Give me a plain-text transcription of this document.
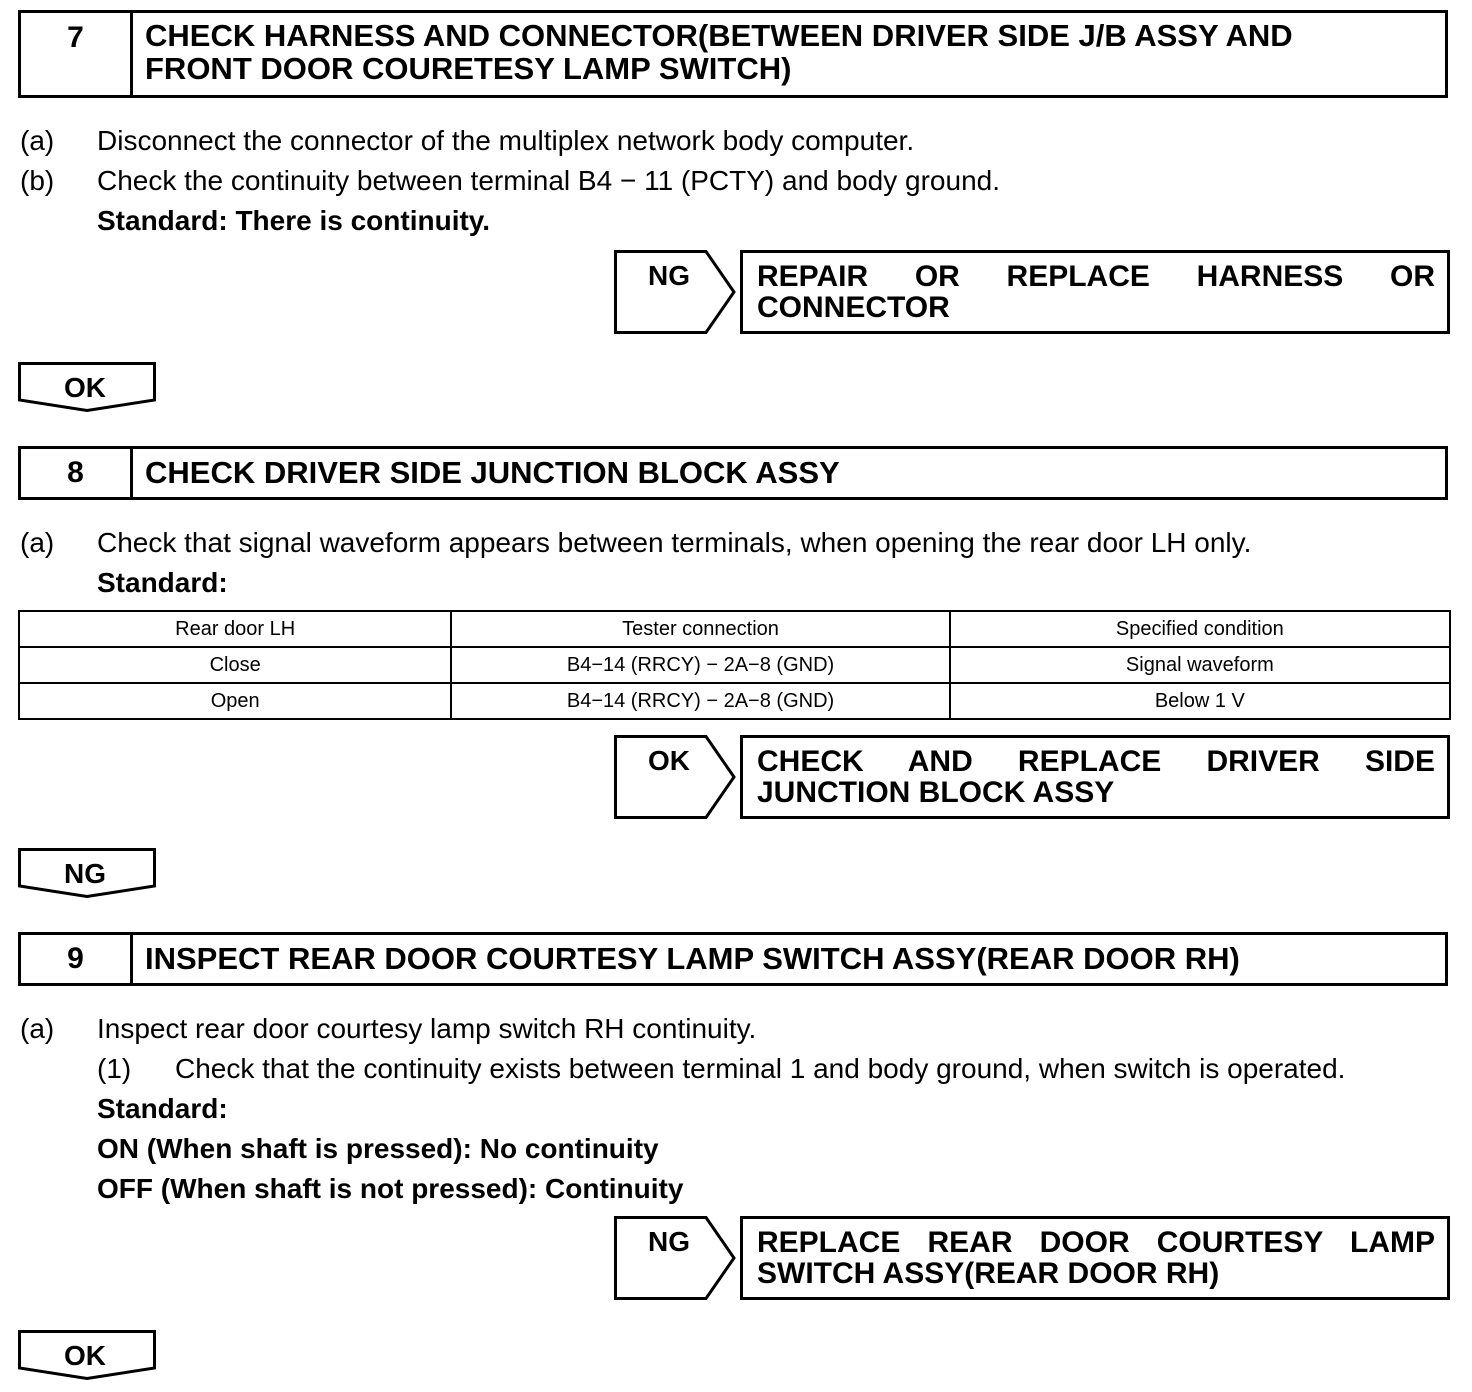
7	CHECK HARNESS AND CONNECTOR(BETWEEN DRIVER SIDE J/B ASSY AND
FRONT DOOR COURETESY LAMP SWITCH)
(a) Disconnect the connector of the multiplex network body computer.
(b) Check the continuity between terminal B4 − 11 (PCTY) and body ground.
Standard: There is continuity.
NG	REPAIR OR REPLACE HARNESS OR
CONNECTOR
OK
8	CHECK DRIVER SIDE JUNCTION BLOCK ASSY
(a) Check that signal waveform appears between terminals, when opening the rear door LH only.
Standard:
Rear door LH	Tester connection	Specified condition
Close	B4−14 (RRCY) − 2A−8 (GND)	Signal waveform
Open	B4−14 (RRCY) − 2A−8 (GND)	Below 1 V
OK	CHECK AND REPLACE DRIVER SIDE
JUNCTION BLOCK ASSY
NG
9	INSPECT REAR DOOR COURTESY LAMP SWITCH ASSY(REAR DOOR RH)
(a) Inspect rear door courtesy lamp switch RH continuity.
(1) Check that the continuity exists between terminal 1 and body ground, when switch is operated.
Standard:
ON (When shaft is pressed): No continuity
OFF (When shaft is not pressed): Continuity
NG	REPLACE REAR DOOR COURTESY LAMP
SWITCH ASSY(REAR DOOR RH)
OK
